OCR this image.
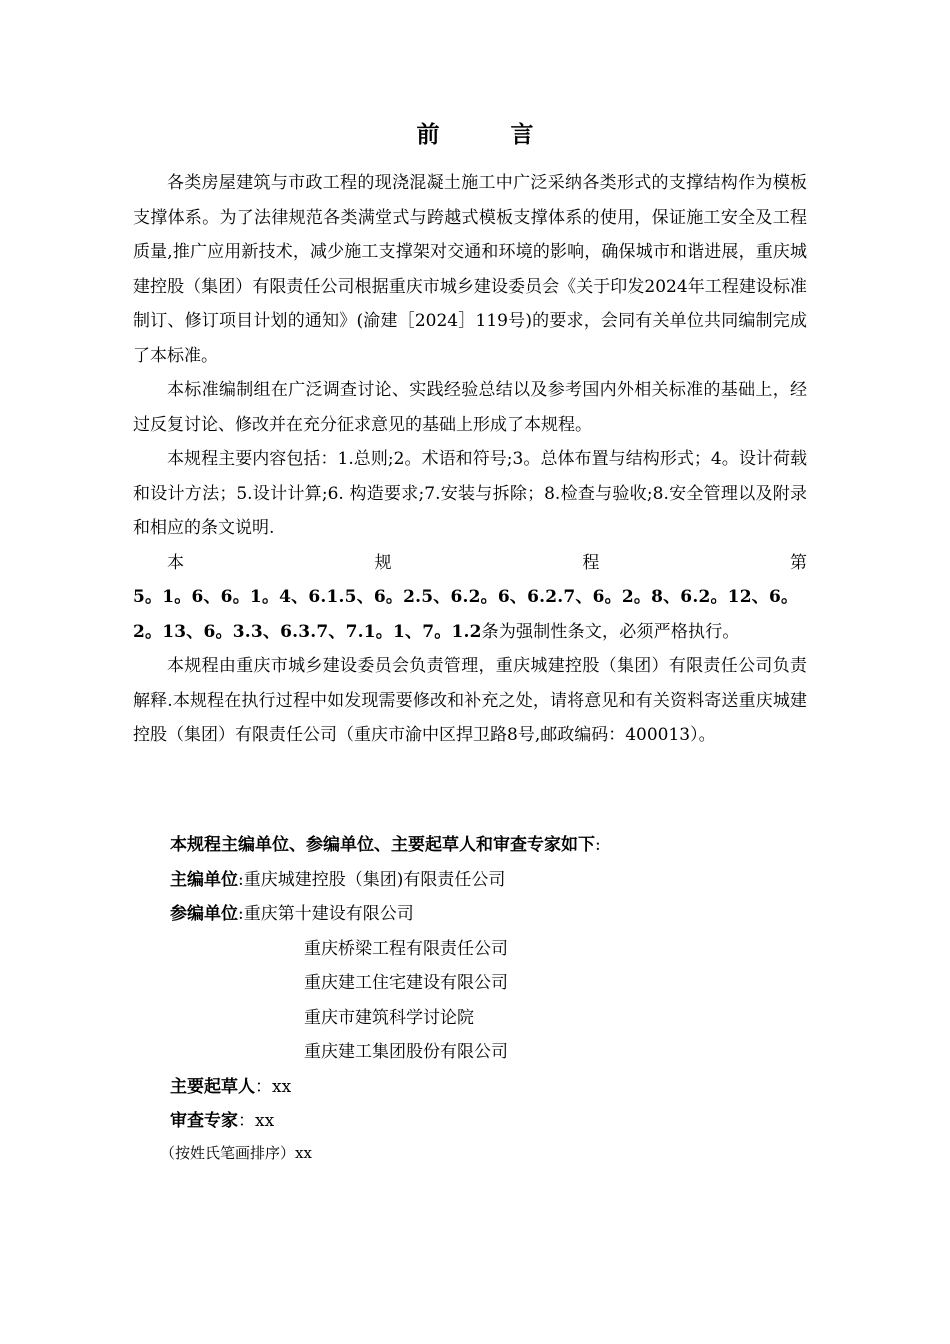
前　言

各类房屋建筑与市政工程的现浇混凝土施工中广泛采纳各类形式的支撑结构作为模板支撑体系。为了法律规范各类满堂式与跨越式模板支撑体系的使用，保证施工安全及工程质量,推广应用新技术，减少施工支撑架对交通和环境的影响，确保城市和谐进展，重庆城建控股（集团）有限责任公司根据重庆市城乡建设委员会《关于印发2024年工程建设标准制订、修订项目计划的通知》(渝建［2024］119号)的要求，会同有关单位共同编制完成了本标准。

本标准编制组在广泛调查讨论、实践经验总结以及参考国内外相关标准的基础上，经过反复讨论、修改并在充分征求意见的基础上形成了本规程。

本规程主要内容包括：1.总则;2。术语和符号;3。总体布置与结构形式；4。设计荷载和设计方法；5.设计计算;6. 构造要求;7.安装与拆除；8.检查与验收;8.安全管理以及附录和相应的条文说明.

本	规	程	第
5。1。6、6。1。4、6.1.5、6。2.5、6.2。6、6.2.7、6。2。8、6.2。12、6。2。13、6。3.3、6.3.7、7.1。1、7。1.2条为强制性条文，必须严格执行。

本规程由重庆市城乡建设委员会负责管理，重庆城建控股（集团）有限责任公司负责解释.本规程在执行过程中如发现需要修改和补充之处，请将意见和有关资料寄送重庆城建控股（集团）有限责任公司（重庆市渝中区捍卫路8号,邮政编码：400013）。

本规程主编单位、参编单位、主要起草人和审查专家如下:
主编单位:重庆城建控股（集团)有限责任公司
参编单位:重庆第十建设有限公司
重庆桥梁工程有限责任公司
重庆建工住宅建设有限公司
重庆市建筑科学讨论院
重庆建工集团股份有限公司
主要起草人：xx
审查专家：xx
（按姓氏笔画排序）xx
